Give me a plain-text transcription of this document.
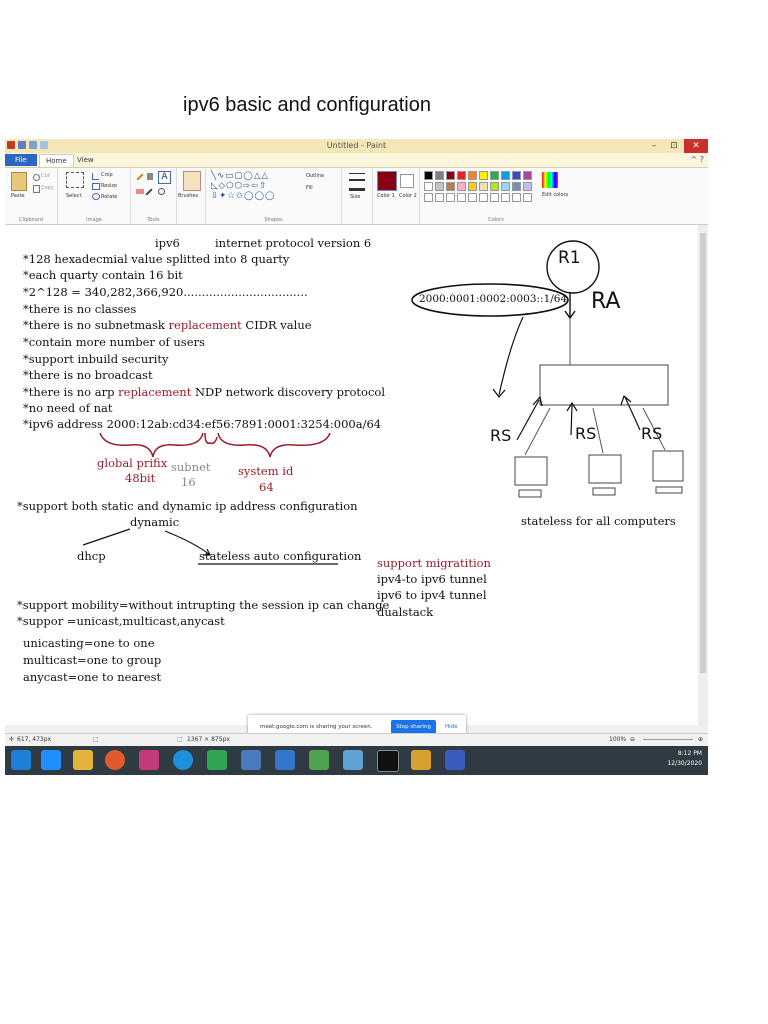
ipv6 basic and configuration
Untitled - Paint	–	⊡	✕
File	Home	View	^ ?
Paste
Cut
Copy
Clipboard
Select
Crop
Resize
Rotate
Image
A
Tools
Brushes
╲∿▭▢◯△△
◺◇⬠⬡⇨⇦⇧
⇩✦☆✩◯◯◯
Outline
Fill
Shapes
Size	Color 1 Color 2	Edit colors
Colors
ipv6	internet protocol version 6
*128 hexadecmial value splitted into 8 quarty
*each quarty contain 16 bit
*2^128 = 340,282,366,920..................................
*there is no classes
*there is no subnetmask replacement CIDR value
*contain more number of users
*support inbuild security
*there is no broadcast
*there is no arp replacement NDP network discovery protocol
*no need of nat
*ipv6 address 2000:12ab:cd34:ef56:7891:0001:3254:000a/64
global prifix
48bit
subnet
16
system id
64
*support both static and dynamic ip address configuration
dynamic
dhcp	stateless auto configuration
*support mobility=without intrupting the session ip can change
*suppor =unicast,multicast,anycast
unicasting=one to one
multicast=one to group
anycast=one to nearest
support migratition
ipv4-to ipv6 tunnel
ipv6 to ipv4 tunnel
dualstack
R1
2000:0001:0002:0003::1/64 RA
RS	RS	RS
stateless for all computers
meet.google.com is sharing your screen.	Stop sharing	Hide
✢ 617, 473px	⬚	⬚ 1367 × 875px	100% ⊖	⊕
8:12 PM
12/30/2020
